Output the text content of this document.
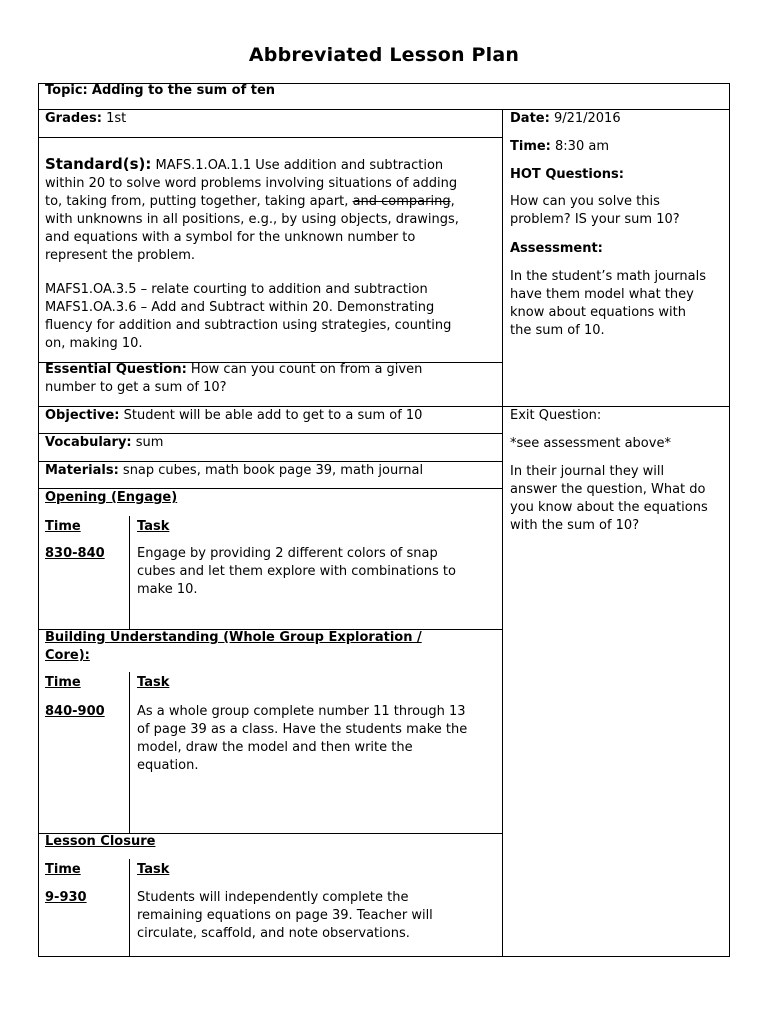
Abbreviated Lesson Plan
Topic: Adding to the sum of ten
Grades: 1st
Standard(s): MAFS.1.OA.1.1 Use addition and subtraction
within 20 to solve word problems involving situations of adding
to, taking from, putting together, taking apart, and comparing,
with unknowns in all positions, e.g., by using objects, drawings,
and equations with a symbol for the unknown number to
represent the problem.
MAFS1.OA.3.5 – relate courting to addition and subtraction
MAFS1.OA.3.6 – Add and Subtract within 20. Demonstrating
fluency for addition and subtraction using strategies, counting
on, making 10.
Essential Question: How can you count on from a given
number to get a sum of 10?
Objective: Student will be able add to get to a sum of 10
Vocabulary: sum
Materials: snap cubes, math book page 39, math journal
Opening (Engage)
Time	Task
830-840 Engage by providing 2 different colors of snap
cubes and let them explore with combinations to
make 10.
Building Understanding (Whole Group Exploration /
Core):
Time	Task
840-900 As a whole group complete number 11 through 13
of page 39 as a class. Have the students make the
model, draw the model and then write the
equation.
Lesson Closure
Time	Task
9-930	Students will independently complete the
remaining equations on page 39. Teacher will
circulate, scaffold, and note observations.
Date: 9/21/2016
Time: 8:30 am
HOT Questions:
How can you solve this
problem? IS your sum 10?
Assessment:
In the student’s math journals
have them model what they
know about equations with
the sum of 10.
Exit Question:
*see assessment above*
In their journal they will
answer the question, What do
you know about the equations
with the sum of 10?
